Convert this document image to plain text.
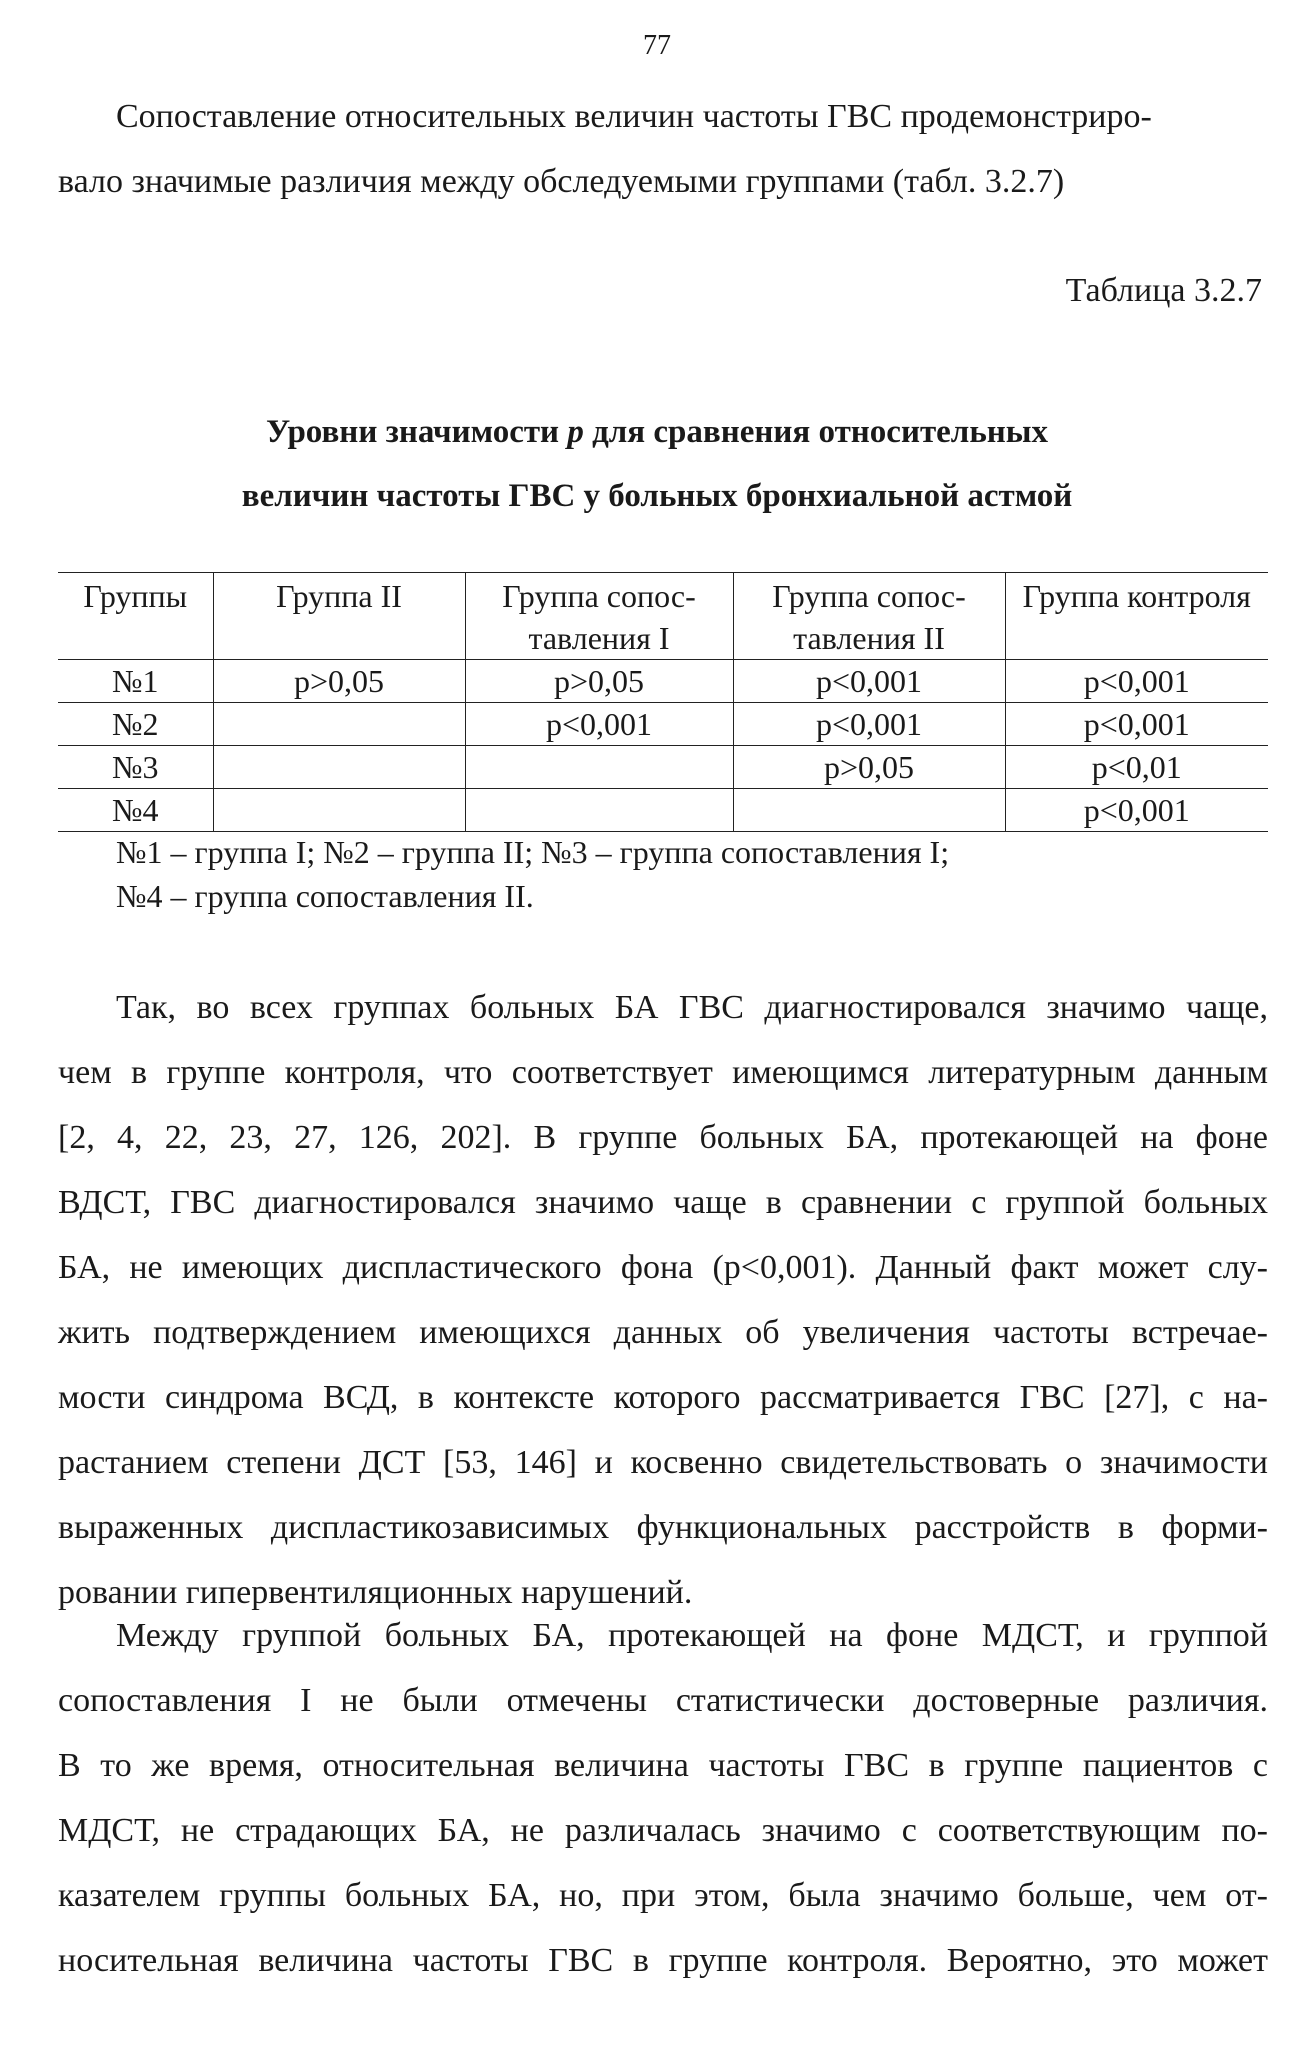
77
Сопоставление относительных величин частоты ГВС продемонстриро-
вало значимые различия между обследуемыми группами (табл. 3.2.7)
Таблица 3.2.7
Уровни значимости p для сравнения относительных
величин частоты ГВС у больных бронхиальной астмой
Группы	Группа II	Группа сопос- тавления I	Группа сопос- тавления II	Группа контроля
№1	p>0,05	p>0,05	p<0,001	p<0,001
№2		p<0,001	p<0,001	p<0,001
№3			p>0,05	p<0,01
№4				p<0,001
№1 – группа I; №2 – группа II; №3 – группа сопоставления I;
№4 – группа сопоставления II.
Так, во всех группах больных БА ГВС диагностировался значимо чаще,
чем в группе контроля, что соответствует имеющимся литературным данным
[2, 4, 22, 23, 27, 126, 202]. В группе больных БА, протекающей на фоне
ВДСТ, ГВС диагностировался значимо чаще в сравнении с группой больных
БА, не имеющих диспластического фона (p<0,001). Данный факт может слу-
жить подтверждением имеющихся данных об увеличения частоты встречае-
мости синдрома ВСД, в контексте которого рассматривается ГВС [27], с на-
растанием степени ДСТ [53, 146] и косвенно свидетельствовать о значимости
выраженных диспластикозависимых функциональных расстройств в форми-
ровании гипервентиляционных нарушений.
Между группой больных БА, протекающей на фоне МДСТ, и группой
сопоставления I не были отмечены статистически достоверные различия.
В то же время, относительная величина частоты ГВС в группе пациентов с
МДСТ, не страдающих БА, не различалась значимо с соответствующим по-
казателем группы больных БА, но, при этом, была значимо больше, чем от-
носительная величина частоты ГВС в группе контроля. Вероятно, это может
